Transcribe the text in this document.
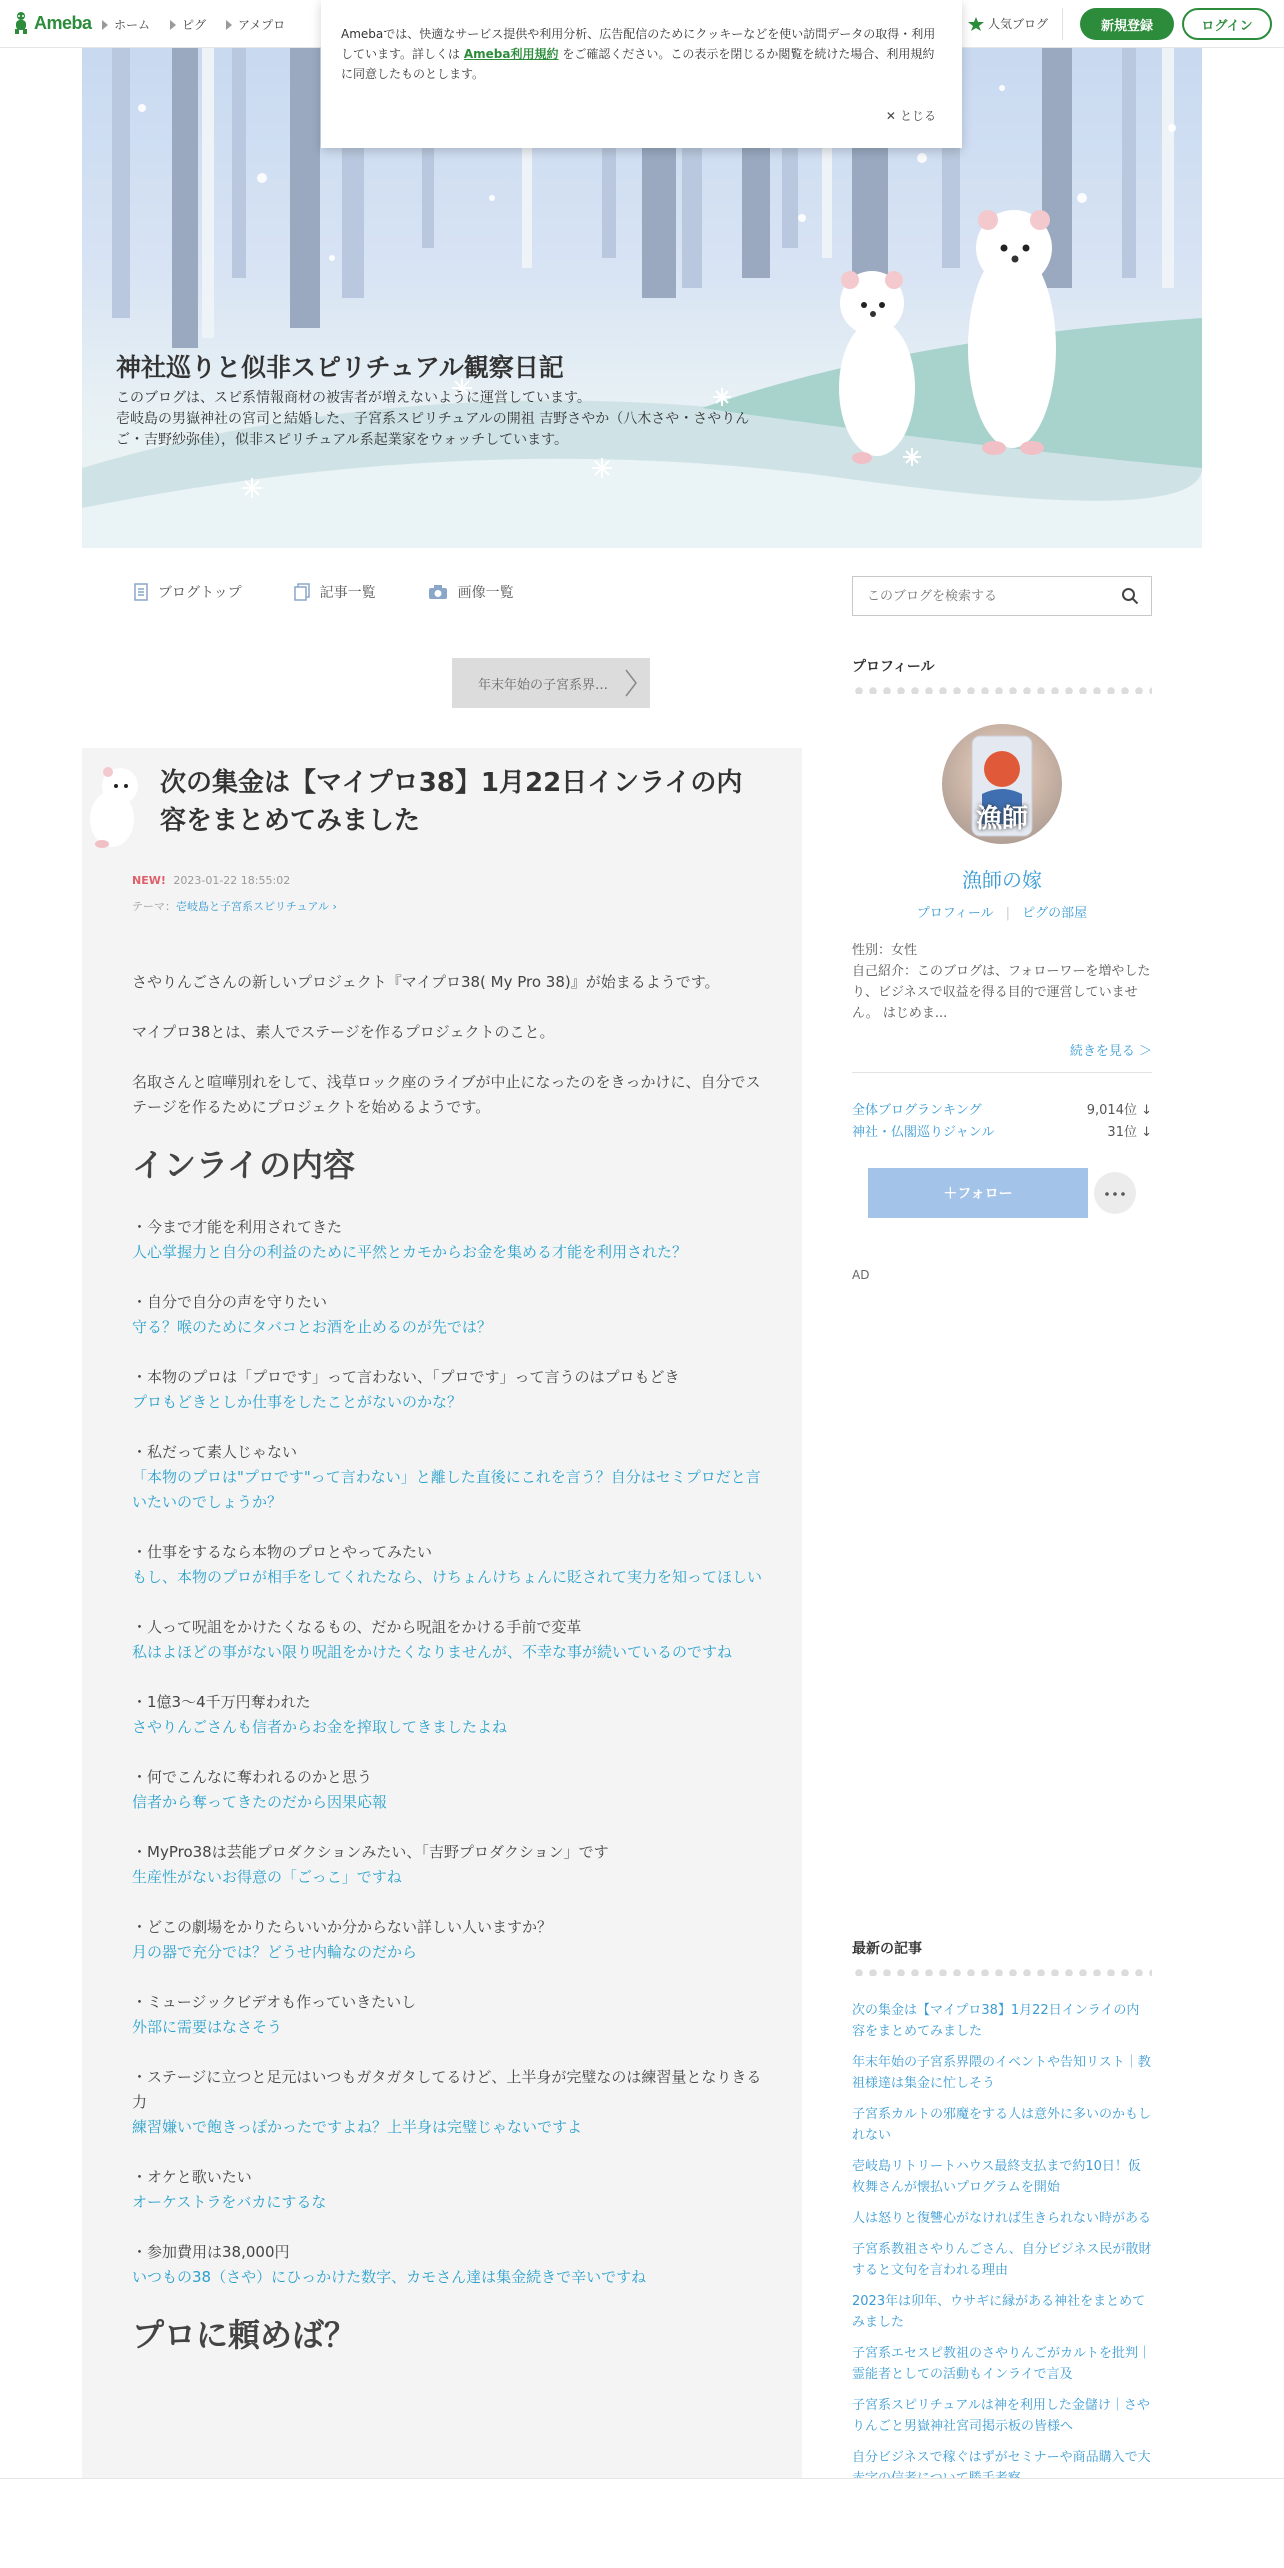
Ameba ホーム	ピグ	アメプロ	人気ブログ	新規登録	ログイン
Amebaでは、快適なサービス提供や利用分析、広告配信のためにクッキーなどを使い訪問データの取得・利用しています。詳しくは Ameba利用規約 をご確認ください。この表示を閉じるか閲覧を続けた場合、利用規約に同意したものとします。
✕ とじる
神社巡りと似非スピリチュアル観察日記
このブログは、スピ系情報商材の被害者が増えないように運営しています。
壱岐島の男嶽神社の宮司と結婚した、子宮系スピリチュアルの開祖 吉野さやか（八木さや・さやりんご・吉野紗弥佳），似非スピリチュアル系起業家をウォッチしています。
ブログトップ	記事一覧	画像一覧
このブログを検索する
年末年始の子宮系界…
次の集金は【マイプロ38】1月22日インライの内容をまとめてみました
NEW! 2023-01-22 18:55:02
テーマ：壱岐島と子宮系スピリチュアル ›

さやりんごさんの新しいプロジェクト『マイプロ38( My Pro 38)』が始まるようです。

マイプロ38とは、素人でステージを作るプロジェクトのこと。

名取さんと喧嘩別れをして、浅草ロック座のライブが中止になったのをきっかけに、自分でステージを作るためにプロジェクトを始めるようです。

インライの内容
・今まで才能を利用されてきた
人心掌握力と自分の利益のために平然とカモからお金を集める才能を利用された？
・自分で自分の声を守りたい
守る？喉のためにタバコとお酒を止めるのが先では？
・本物のプロは「プロです」って言わない、「プロです」って言うのはプロもどき
プロもどきとしか仕事をしたことがないのかな？
・私だって素人じゃない
「本物のプロは"プロです"って言わない」と離した直後にこれを言う？自分はセミプロだと言いたいのでしょうか？
・仕事をするなら本物のプロとやってみたい
もし、本物のプロが相手をしてくれたなら、けちょんけちょんに貶されて実力を知ってほしい
・人って呪詛をかけたくなるもの、だから呪詛をかける手前で変革
私はよほどの事がない限り呪詛をかけたくなりませんが、不幸な事が続いているのですね
・1億3～4千万円奪われた
さやりんごさんも信者からお金を搾取してきましたよね
・何でこんなに奪われるのかと思う
信者から奪ってきたのだから因果応報
・MyPro38は芸能プロダクションみたい、「吉野プロダクション」です
生産性がないお得意の「ごっこ」ですね
・どこの劇場をかりたらいいか分からない詳しい人いますか？
月の器で充分では？どうせ内輪なのだから
・ミュージックビデオも作っていきたいし
外部に需要はなさそう
・ステージに立つと足元はいつもガタガタしてるけど、上半身が完璧なのは練習量となりきる力
練習嫌いで飽きっぽかったですよね？上半身は完璧じゃないですよ
・オケと歌いたい
オーケストラをバカにするな
・参加費用は38,000円
いつもの38（さや）にひっかけた数字、カモさん達は集金続きで辛いですね
プロに頼めば？
プロフィール
漁師
漁師の嫁
プロフィール | ピグの部屋
性別：女性
自己紹介：このブログは、フォローワーを増やしたり、ビジネスで収益を得る目的で運営していません。 はじめま...
続きを見る ＞
全体ブログランキング	9,014位 ↓
神社・仏閣巡りジャンル	31位 ↓
＋フォロー	･･･
AD
最新の記事
次の集金は【マイプロ38】1月22日インライの内容をまとめてみました
年末年始の子宮系界隈のイベントや告知リスト｜教祖様達は集金に忙しそう
子宮系カルトの邪魔をする人は意外に多いのかもしれない
壱岐島リトリートハウス最終支払まで約10日！仮枚舞さんが懐払いプログラムを開始
人は怒りと復讐心がなければ生きられない時がある
子宮系教祖さやりんごさん、自分ビジネス民が散財すると文句を言われる理由
2023年は卯年、ウサギに縁がある神社をまとめてみました
子宮系エセスピ教祖のさやりんごがカルトを批判｜霊能者としての活動もインライで言及
子宮系スピリチュアルは神を利用した金儲け｜さやりんごと男嶽神社宮司掲示板の皆様へ
自分ビジネスで稼ぐはずがセミナーや商品購入で大
